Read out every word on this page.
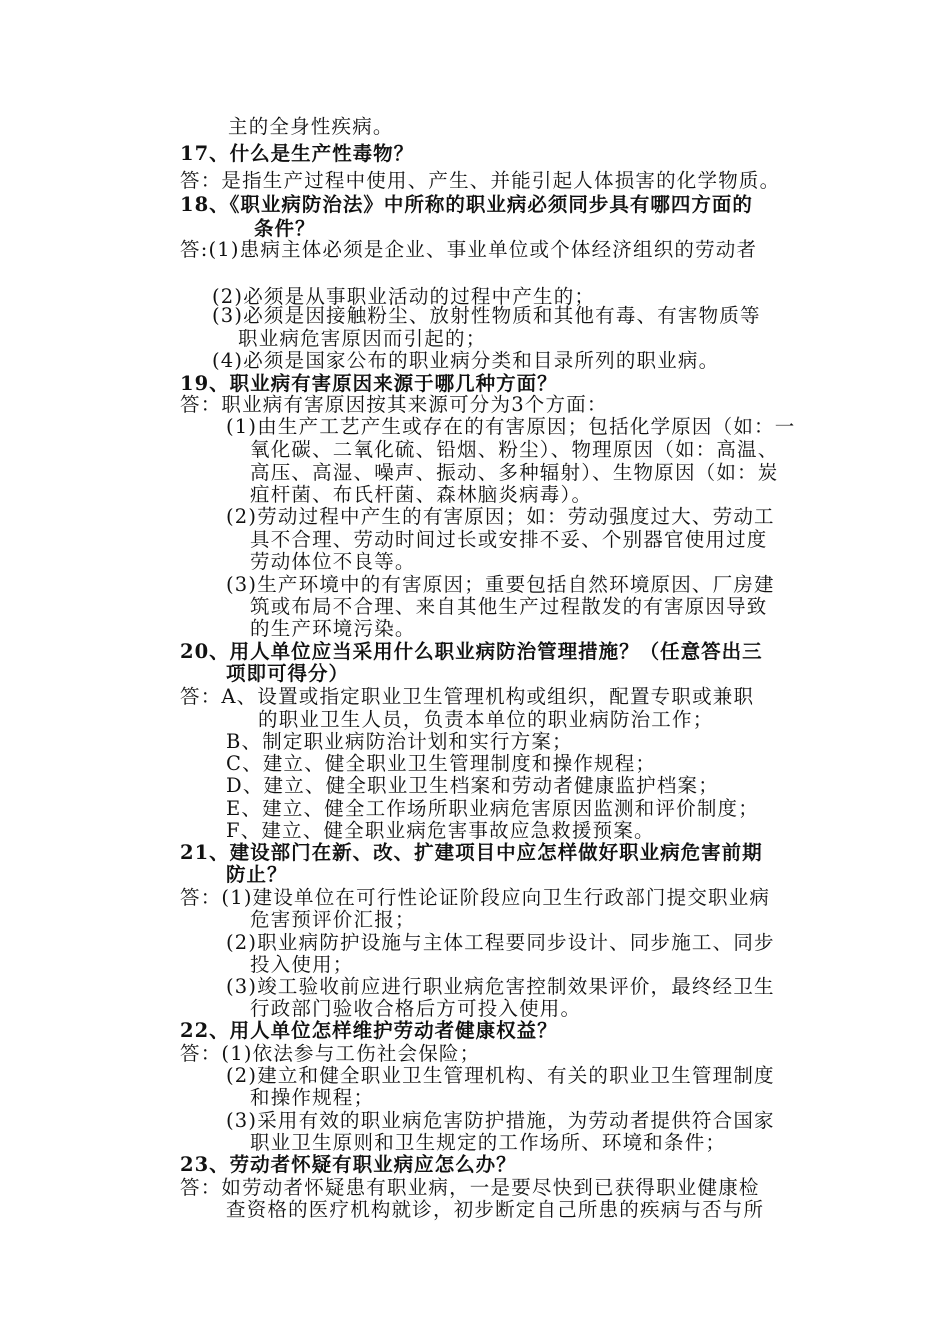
主的全身性疾病。
17、什么是生产性毒物？
答：是指生产过程中使用、产生、并能引起人体损害的化学物质。
18、《职业病防治法》中所称的职业病必须同步具有哪四方面的
条件？
答:(1)患病主体必须是企业、事业单位或个体经济组织的劳动者
(2)必须是从事职业活动的过程中产生的；
(3)必须是因接触粉尘、放射性物质和其他有毒、有害物质等
职业病危害原因而引起的；
(4)必须是国家公布的职业病分类和目录所列的职业病。
19、职业病有害原因来源于哪几种方面？
答：职业病有害原因按其来源可分为3个方面：
(1)由生产工艺产生或存在的有害原因；包括化学原因（如：一
氧化碳、二氧化硫、铅烟、粉尘）、物理原因（如：高温、
高压、高湿、噪声、振动、多种辐射）、生物原因（如：炭
疽杆菌、布氏杆菌、森林脑炎病毒）。
(2)劳动过程中产生的有害原因；如：劳动强度过大、劳动工
具不合理、劳动时间过长或安排不妥、个别器官使用过度
劳动体位不良等。
(3)生产环境中的有害原因；重要包括自然环境原因、厂房建
筑或布局不合理、来自其他生产过程散发的有害原因导致
的生产环境污染。
20、用人单位应当采用什么职业病防治管理措施？（任意答出三
项即可得分）
答：A、设置或指定职业卫生管理机构或组织，配置专职或兼职
的职业卫生人员，负责本单位的职业病防治工作；
B、制定职业病防治计划和实行方案；
C、建立、健全职业卫生管理制度和操作规程；
D、建立、健全职业卫生档案和劳动者健康监护档案；
E、建立、健全工作场所职业病危害原因监测和评价制度；
F、建立、健全职业病危害事故应急救援预案。
21、建设部门在新、改、扩建项目中应怎样做好职业病危害前期
防止？
答：(1)建设单位在可行性论证阶段应向卫生行政部门提交职业病
危害预评价汇报；
(2)职业病防护设施与主体工程要同步设计、同步施工、同步
投入使用；
(3)竣工验收前应进行职业病危害控制效果评价，最终经卫生
行政部门验收合格后方可投入使用。
22、用人单位怎样维护劳动者健康权益？
答：(1)依法参与工伤社会保险；
(2)建立和健全职业卫生管理机构、有关的职业卫生管理制度
和操作规程；
(3)采用有效的职业病危害防护措施，为劳动者提供符合国家
职业卫生原则和卫生规定的工作场所、环境和条件；
23、劳动者怀疑有职业病应怎么办？
答：如劳动者怀疑患有职业病，一是要尽快到已获得职业健康检
查资格的医疗机构就诊，初步断定自己所患的疾病与否与所
